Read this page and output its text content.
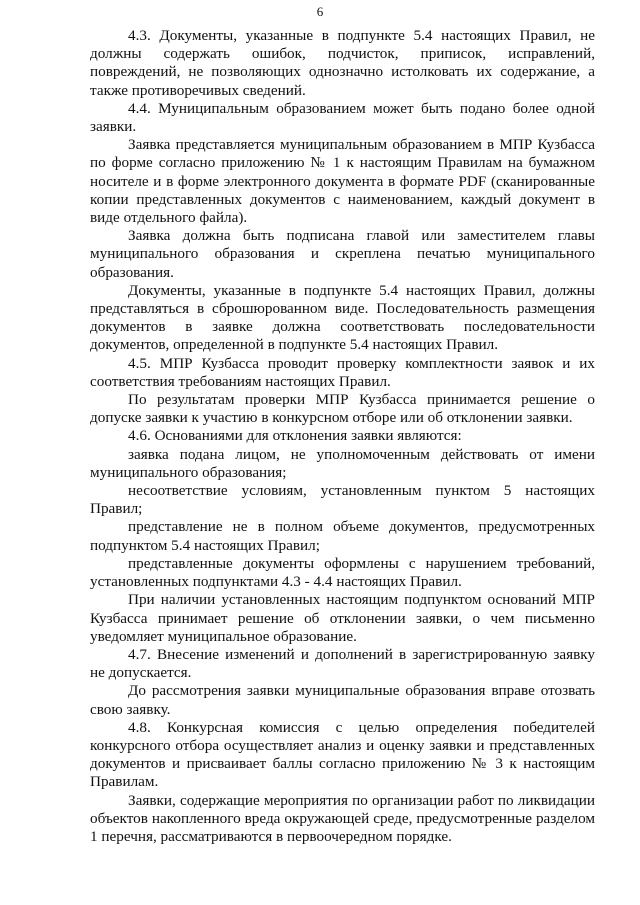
6

4.3. Документы, указанные в подпункте 5.4 настоящих Правил, не должны содержать ошибок, подчисток, приписок, исправлений, повреждений, не позволяющих однозначно истолковать их содержание, а также противоречивых сведений.

4.4. Муниципальным образованием может быть подано более одной заявки.

Заявка представляется муниципальным образованием в МПР Кузбасса по форме согласно приложению № 1 к настоящим Правилам на бумажном носителе и в форме электронного документа в формате PDF (сканированные копии представленных документов с наименованием, каждый документ в виде отдельного файла).

Заявка должна быть подписана главой или заместителем главы муниципального образования и скреплена печатью муниципального образования.

Документы, указанные в подпункте 5.4 настоящих Правил, должны представляться в сброшюрованном виде. Последовательность размещения документов в заявке должна соответствовать последовательности документов, определенной в подпункте 5.4 настоящих Правил.

4.5. МПР Кузбасса проводит проверку комплектности заявок и их соответствия требованиям настоящих Правил.

По результатам проверки МПР Кузбасса принимается решение о допуске заявки к участию в конкурсном отборе или об отклонении заявки.

4.6. Основаниями для отклонения заявки являются:

заявка подана лицом, не уполномоченным действовать от имени муниципального образования;

несоответствие условиям, установленным пунктом 5 настоящих Правил;

представление не в полном объеме документов, предусмотренных подпунктом 5.4 настоящих Правил;

представленные документы оформлены с нарушением требований, установленных подпунктами 4.3 - 4.4 настоящих Правил.

При наличии установленных настоящим подпунктом оснований МПР Кузбасса принимает решение об отклонении заявки, о чем письменно уведомляет муниципальное образование.

4.7. Внесение изменений и дополнений в зарегистрированную заявку не допускается.

До рассмотрения заявки муниципальные образования вправе отозвать свою заявку.

4.8. Конкурсная комиссия с целью определения победителей конкурсного отбора осуществляет анализ и оценку заявки и представленных документов и присваивает баллы согласно приложению № 3 к настоящим Правилам.

Заявки, содержащие мероприятия по организации работ по ликвидации объектов накопленного вреда окружающей среде, предусмотренные разделом 1 перечня, рассматриваются в первоочередном порядке.
